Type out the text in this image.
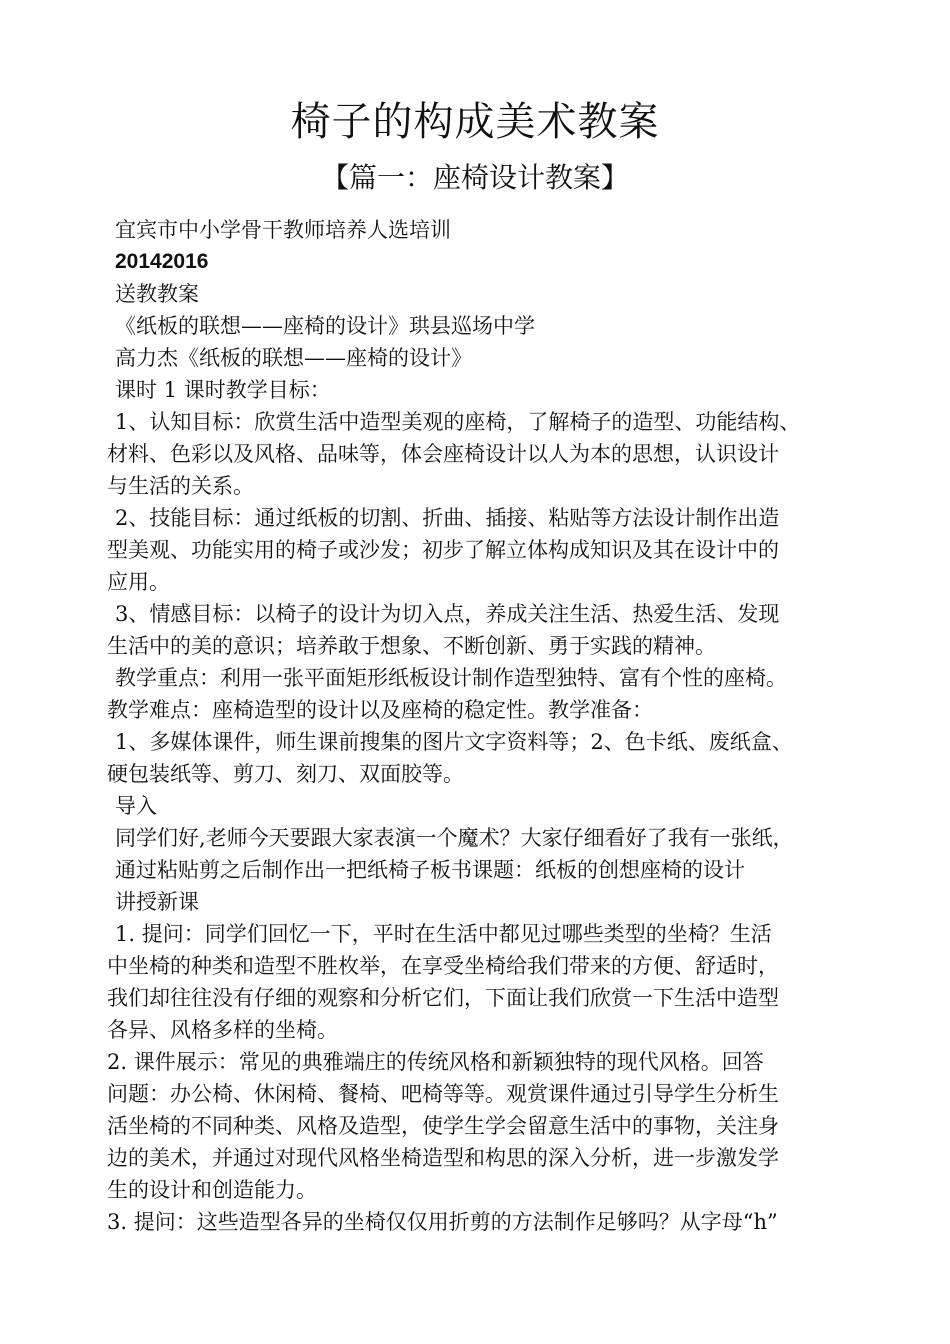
椅子的构成美术教案
【篇一：座椅设计教案】
宜宾市中小学骨干教师培养人选培训
20142016
送教教案
《纸板的联想——座椅的设计》珙县巡场中学
高力杰《纸板的联想——座椅的设计》
课时 1 课时教学目标：
1、认知目标：欣赏生活中造型美观的座椅，了解椅子的造型、功能结构、
材料、色彩以及风格、品味等，体会座椅设计以人为本的思想，认识设计
与生活的关系。
2、技能目标：通过纸板的切割、折曲、插接、粘贴等方法设计制作出造
型美观、功能实用的椅子或沙发；初步了解立体构成知识及其在设计中的
应用。
3、情感目标：以椅子的设计为切入点，养成关注生活、热爱生活、发现
生活中的美的意识；培养敢于想象、不断创新、勇于实践的精神。
教学重点：利用一张平面矩形纸板设计制作造型独特、富有个性的座椅。
教学难点：座椅造型的设计以及座椅的稳定性。教学准备：
1、多媒体课件，师生课前搜集的图片文字资料等；2、色卡纸、废纸盒、
硬包装纸等、剪刀、刻刀、双面胶等。
导入
同学们好,老师今天要跟大家表演一个魔术？大家仔细看好了我有一张纸，
通过粘贴剪之后制作出一把纸椅子板书课题：纸板的创想座椅的设计
讲授新课
1. 提问：同学们回忆一下，平时在生活中都见过哪些类型的坐椅？生活
中坐椅的种类和造型不胜枚举，在享受坐椅给我们带来的方便、舒适时，
我们却往往没有仔细的观察和分析它们，下面让我们欣赏一下生活中造型
各异、风格多样的坐椅。
2. 课件展示：常见的典雅端庄的传统风格和新颖独特的现代风格。回答
问题：办公椅、休闲椅、餐椅、吧椅等等。观赏课件通过引导学生分析生
活坐椅的不同种类、风格及造型，使学生学会留意生活中的事物，关注身
边的美术，并通过对现代风格坐椅造型和构思的深入分析，进一步激发学
生的设计和创造能力。
3. 提问：这些造型各异的坐椅仅仅用折剪的方法制作足够吗？从字母“h”
